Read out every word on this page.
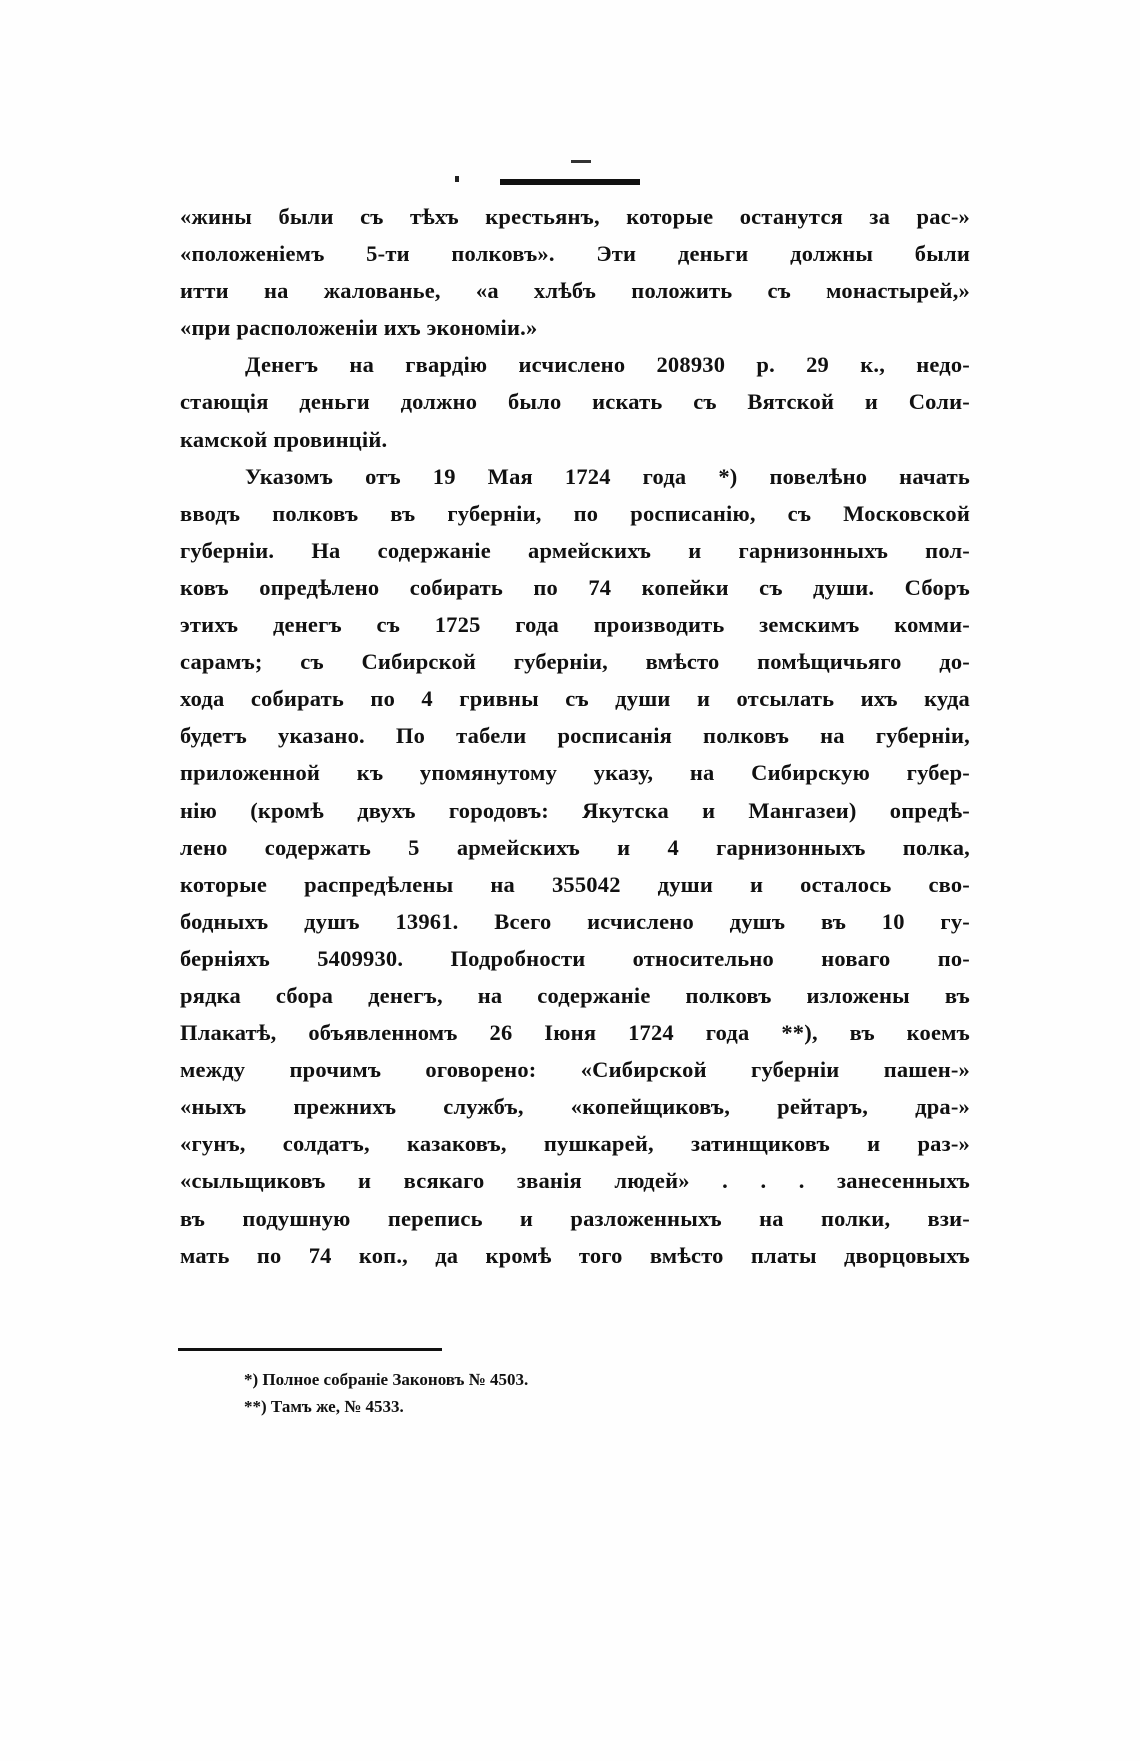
«жины были съ тѣхъ крестьянъ, которые останутся за рас-»
«положеніемъ 5-ти полковъ». Эти деньги должны были
итти на жалованье, «а хлѣбъ положить съ монастырей,»
«при расположеніи ихъ экономіи.»
Денегъ на гвардію исчислено 208930 р. 29 к., недо-
стающія деньги должно было искать съ Вятской и Соли-
камской провинцій.
Указомъ отъ 19 Мая 1724 года *) повелѣно начать
вводъ полковъ въ губерніи, по росписанію, съ Московской
губерніи. На содержаніе армейскихъ и гарнизонныхъ пол-
ковъ опредѣлено собирать по 74 копейки съ души. Сборъ
этихъ денегъ съ 1725 года производить земскимъ комми-
сарамъ; съ Сибирской губерніи, вмѣсто помѣщичьяго до-
хода собирать по 4 гривны съ души и отсылать ихъ куда
будетъ указано. По табели росписанія полковъ на губерніи,
приложенной къ упомянутому указу, на Сибирскую губер-
нію (кромѣ двухъ городовъ: Якутска и Мангазеи) опредѣ-
лено содержать 5 армейскихъ и 4 гарнизонныхъ полка,
которые распредѣлены на 355042 души и осталось сво-
бодныхъ душъ 13961. Всего исчислено душъ въ 10 гу-
берніяхъ 5409930. Подробности относительно новаго по-
рядка сбора денегъ, на содержаніе полковъ изложены въ
Плакатѣ, объявленномъ 26 Іюня 1724 года **), въ коемъ
между прочимъ оговорено: «Сибирской губерніи пашен-»
«ныхъ прежнихъ службъ, «копейщиковъ, рейтаръ, дра-»
«гунъ, солдатъ, казаковъ, пушкарей, затинщиковъ и раз-»
«сыльщиковъ и всякаго званія людей» . . . занесенныхъ
въ подушную перепись и разложенныхъ на полки, взи-
мать по 74 коп., да кромѣ того вмѣсто платы дворцовыхъ
*) Полное собраніе Законовъ № 4503.
**) Тамъ же, № 4533.
